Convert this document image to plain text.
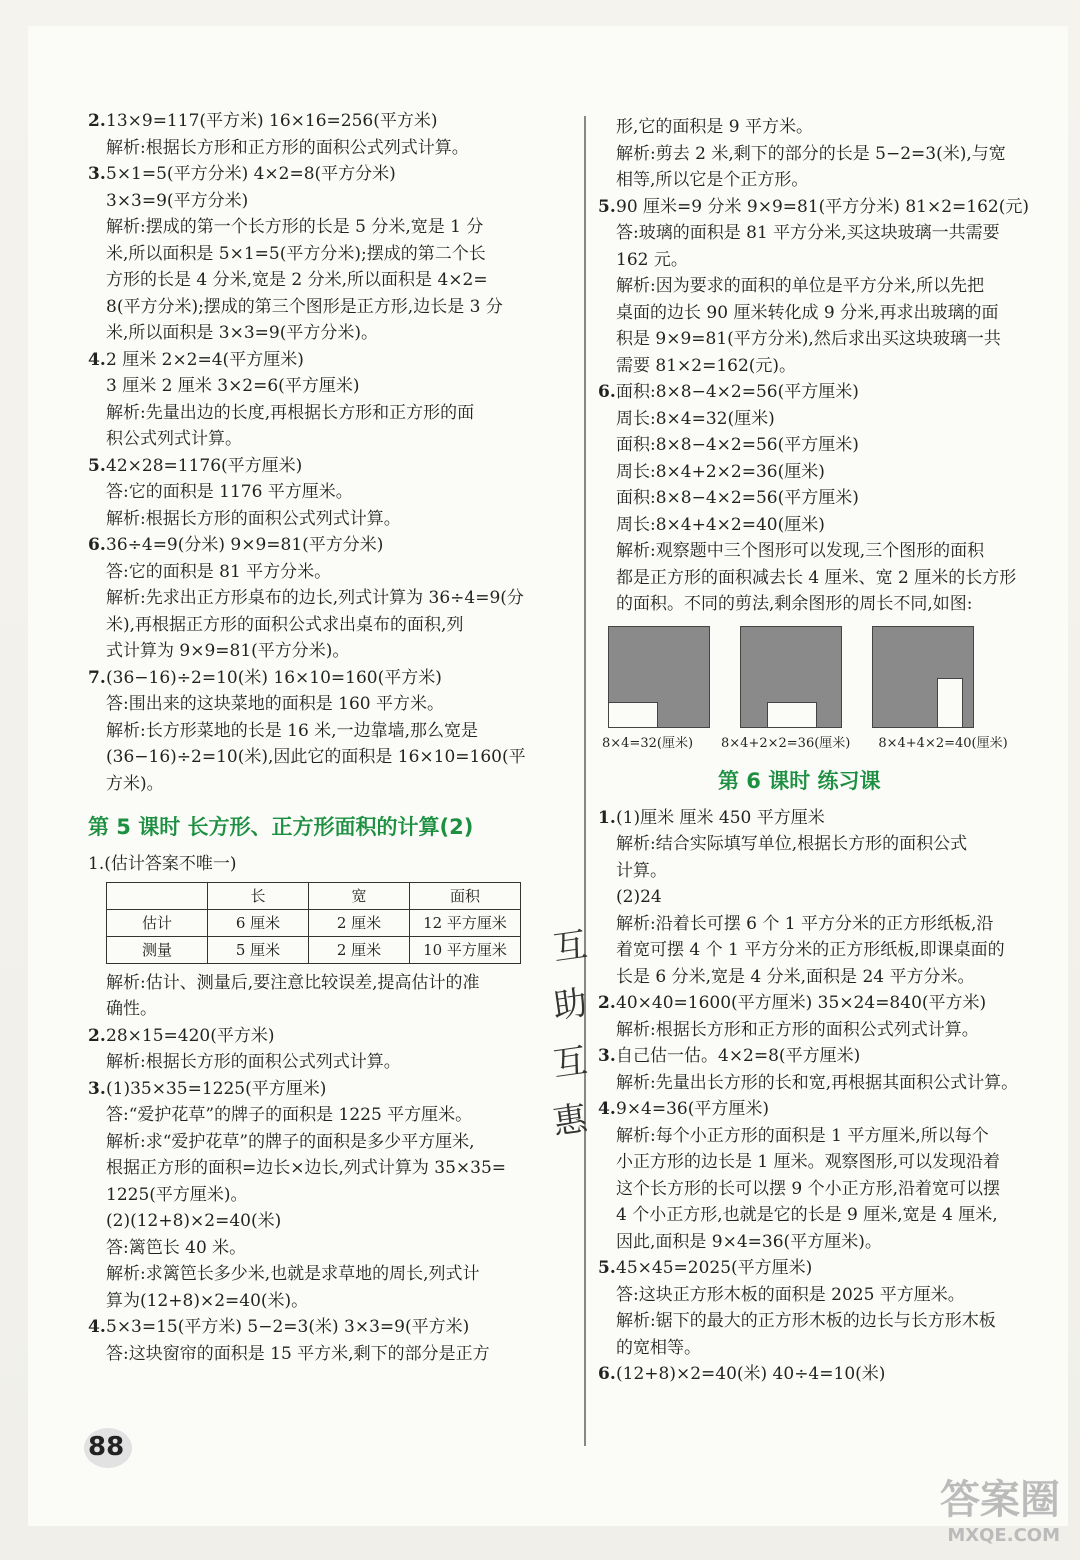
2.13×9=117(平方米) 16×16=256(平方米)
解析:根据长方形和正方形的面积公式列式计算。
3.5×1=5(平方分米) 4×2=8(平方分米)
3×3=9(平方分米)
解析:摆成的第一个长方形的长是 5 分米,宽是 1 分
米,所以面积是 5×1=5(平方分米);摆成的第二个长
方形的长是 4 分米,宽是 2 分米,所以面积是 4×2=
8(平方分米);摆成的第三个图形是正方形,边长是 3 分
米,所以面积是 3×3=9(平方分米)。
4.2 厘米 2×2=4(平方厘米)
3 厘米 2 厘米 3×2=6(平方厘米)
解析:先量出边的长度,再根据长方形和正方形的面
积公式列式计算。
5.42×28=1176(平方厘米)
答:它的面积是 1176 平方厘米。
解析:根据长方形的面积公式列式计算。
6.36÷4=9(分米) 9×9=81(平方分米)
答:它的面积是 81 平方分米。
解析:先求出正方形桌布的边长,列式计算为 36÷4=9(分
米),再根据正方形的面积公式求出桌布的面积,列
式计算为 9×9=81(平方分米)。
7.(36−16)÷2=10(米) 16×10=160(平方米)
答:围出来的这块菜地的面积是 160 平方米。
解析:长方形菜地的长是 16 米,一边靠墙,那么宽是
(36−16)÷2=10(米),因此它的面积是 16×10=160(平
方米)。
第 5 课时 长方形、正方形面积的计算(2)
1.(估计答案不唯一)
	长	宽	面积
估计	6 厘米	2 厘米	12 平方厘米
测量	5 厘米	2 厘米	10 平方厘米
解析:估计、测量后,要注意比较误差,提高估计的准
确性。
2.28×15=420(平方米)
解析:根据长方形的面积公式列式计算。
3.(1)35×35=1225(平方厘米)
答:“爱护花草”的牌子的面积是 1225 平方厘米。
解析:求“爱护花草”的牌子的面积是多少平方厘米,
根据正方形的面积=边长×边长,列式计算为 35×35=
1225(平方厘米)。
(2)(12+8)×2=40(米)
答:篱笆长 40 米。
解析:求篱笆长多少米,也就是求草地的周长,列式计
算为(12+8)×2=40(米)。
4.5×3=15(平方米) 5−2=3(米) 3×3=9(平方米)
答:这块窗帘的面积是 15 平方米,剩下的部分是正方
形,它的面积是 9 平方米。
解析:剪去 2 米,剩下的部分的长是 5−2=3(米),与宽
相等,所以它是个正方形。
5.90 厘米=9 分米 9×9=81(平方分米) 81×2=162(元)
答:玻璃的面积是 81 平方分米,买这块玻璃一共需要
162 元。
解析:因为要求的面积的单位是平方分米,所以先把
桌面的边长 90 厘米转化成 9 分米,再求出玻璃的面
积是 9×9=81(平方分米),然后求出买这块玻璃一共
需要 81×2=162(元)。
6.面积:8×8−4×2=56(平方厘米)
周长:8×4=32(厘米)
面积:8×8−4×2=56(平方厘米)
周长:8×4+2×2=36(厘米)
面积:8×8−4×2=56(平方厘米)
周长:8×4+4×2=40(厘米)
解析:观察题中三个图形可以发现,三个图形的面积
都是正方形的面积减去长 4 厘米、宽 2 厘米的长方形
的面积。不同的剪法,剩余图形的周长不同,如图:
8×4=32(厘米) 8×4+2×2=36(厘米) 8×4+4×2=40(厘米)
第 6 课时 练习课
1.(1)厘米 厘米 450 平方厘米
解析:结合实际填写单位,根据长方形的面积公式
计算。
(2)24
解析:沿着长可摆 6 个 1 平方分米的正方形纸板,沿
着宽可摆 4 个 1 平方分米的正方形纸板,即课桌面的
长是 6 分米,宽是 4 分米,面积是 24 平方分米。
2.40×40=1600(平方厘米) 35×24=840(平方米)
解析:根据长方形和正方形的面积公式列式计算。
3.自己估一估。4×2=8(平方厘米)
解析:先量出长方形的长和宽,再根据其面积公式计算。
4.9×4=36(平方厘米)
解析:每个小正方形的面积是 1 平方厘米,所以每个
小正方形的边长是 1 厘米。观察图形,可以发现沿着
这个长方形的长可以摆 9 个小正方形,沿着宽可以摆
4 个小正方形,也就是它的长是 9 厘米,宽是 4 厘米,
因此,面积是 9×4=36(平方厘米)。
5.45×45=2025(平方厘米)
答:这块正方形木板的面积是 2025 平方厘米。
解析:锯下的最大的正方形木板的边长与长方形木板
的宽相等。
6.(12+8)×2=40(米) 40÷4=10(米)
互
助
互
惠
88
答案圈
MXQE.COM
